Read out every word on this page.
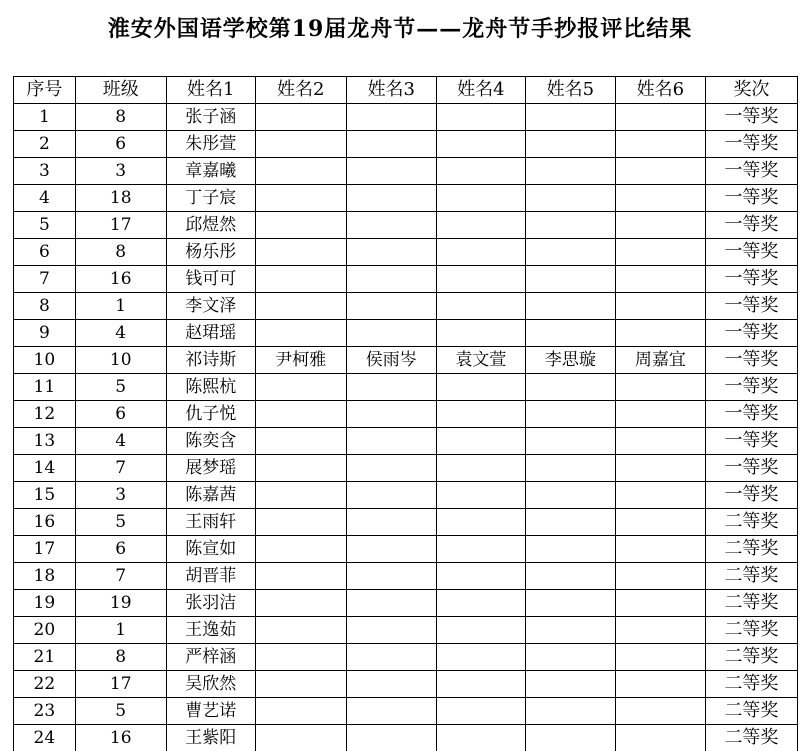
淮安外国语学校第19届龙舟节——龙舟节手抄报评比结果
序号	班级	姓名1	姓名2	姓名3	姓名4	姓名5	姓名6	奖次
1	8	张子涵						一等奖
2	6	朱彤萱						一等奖
3	3	章嘉曦						一等奖
4	18	丁子宸						一等奖
5	17	邱煜然						一等奖
6	8	杨乐彤						一等奖
7	16	钱可可						一等奖
8	1	李文泽						一等奖
9	4	赵珺瑶						一等奖
10	10	祁诗斯	尹柯雅	侯雨岑	袁文萱	李思璇	周嘉宜	一等奖
11	5	陈熙杭						一等奖
12	6	仇子悦						一等奖
13	4	陈奕含						一等奖
14	7	展梦瑶						一等奖
15	3	陈嘉茜						一等奖
16	5	王雨轩						二等奖
17	6	陈宣如						二等奖
18	7	胡晋菲						二等奖
19	19	张羽洁						二等奖
20	1	王逸茹						二等奖
21	8	严梓涵						二等奖
22	17	吴欣然						二等奖
23	5	曹艺诺						二等奖
24	16	王紫阳						二等奖
